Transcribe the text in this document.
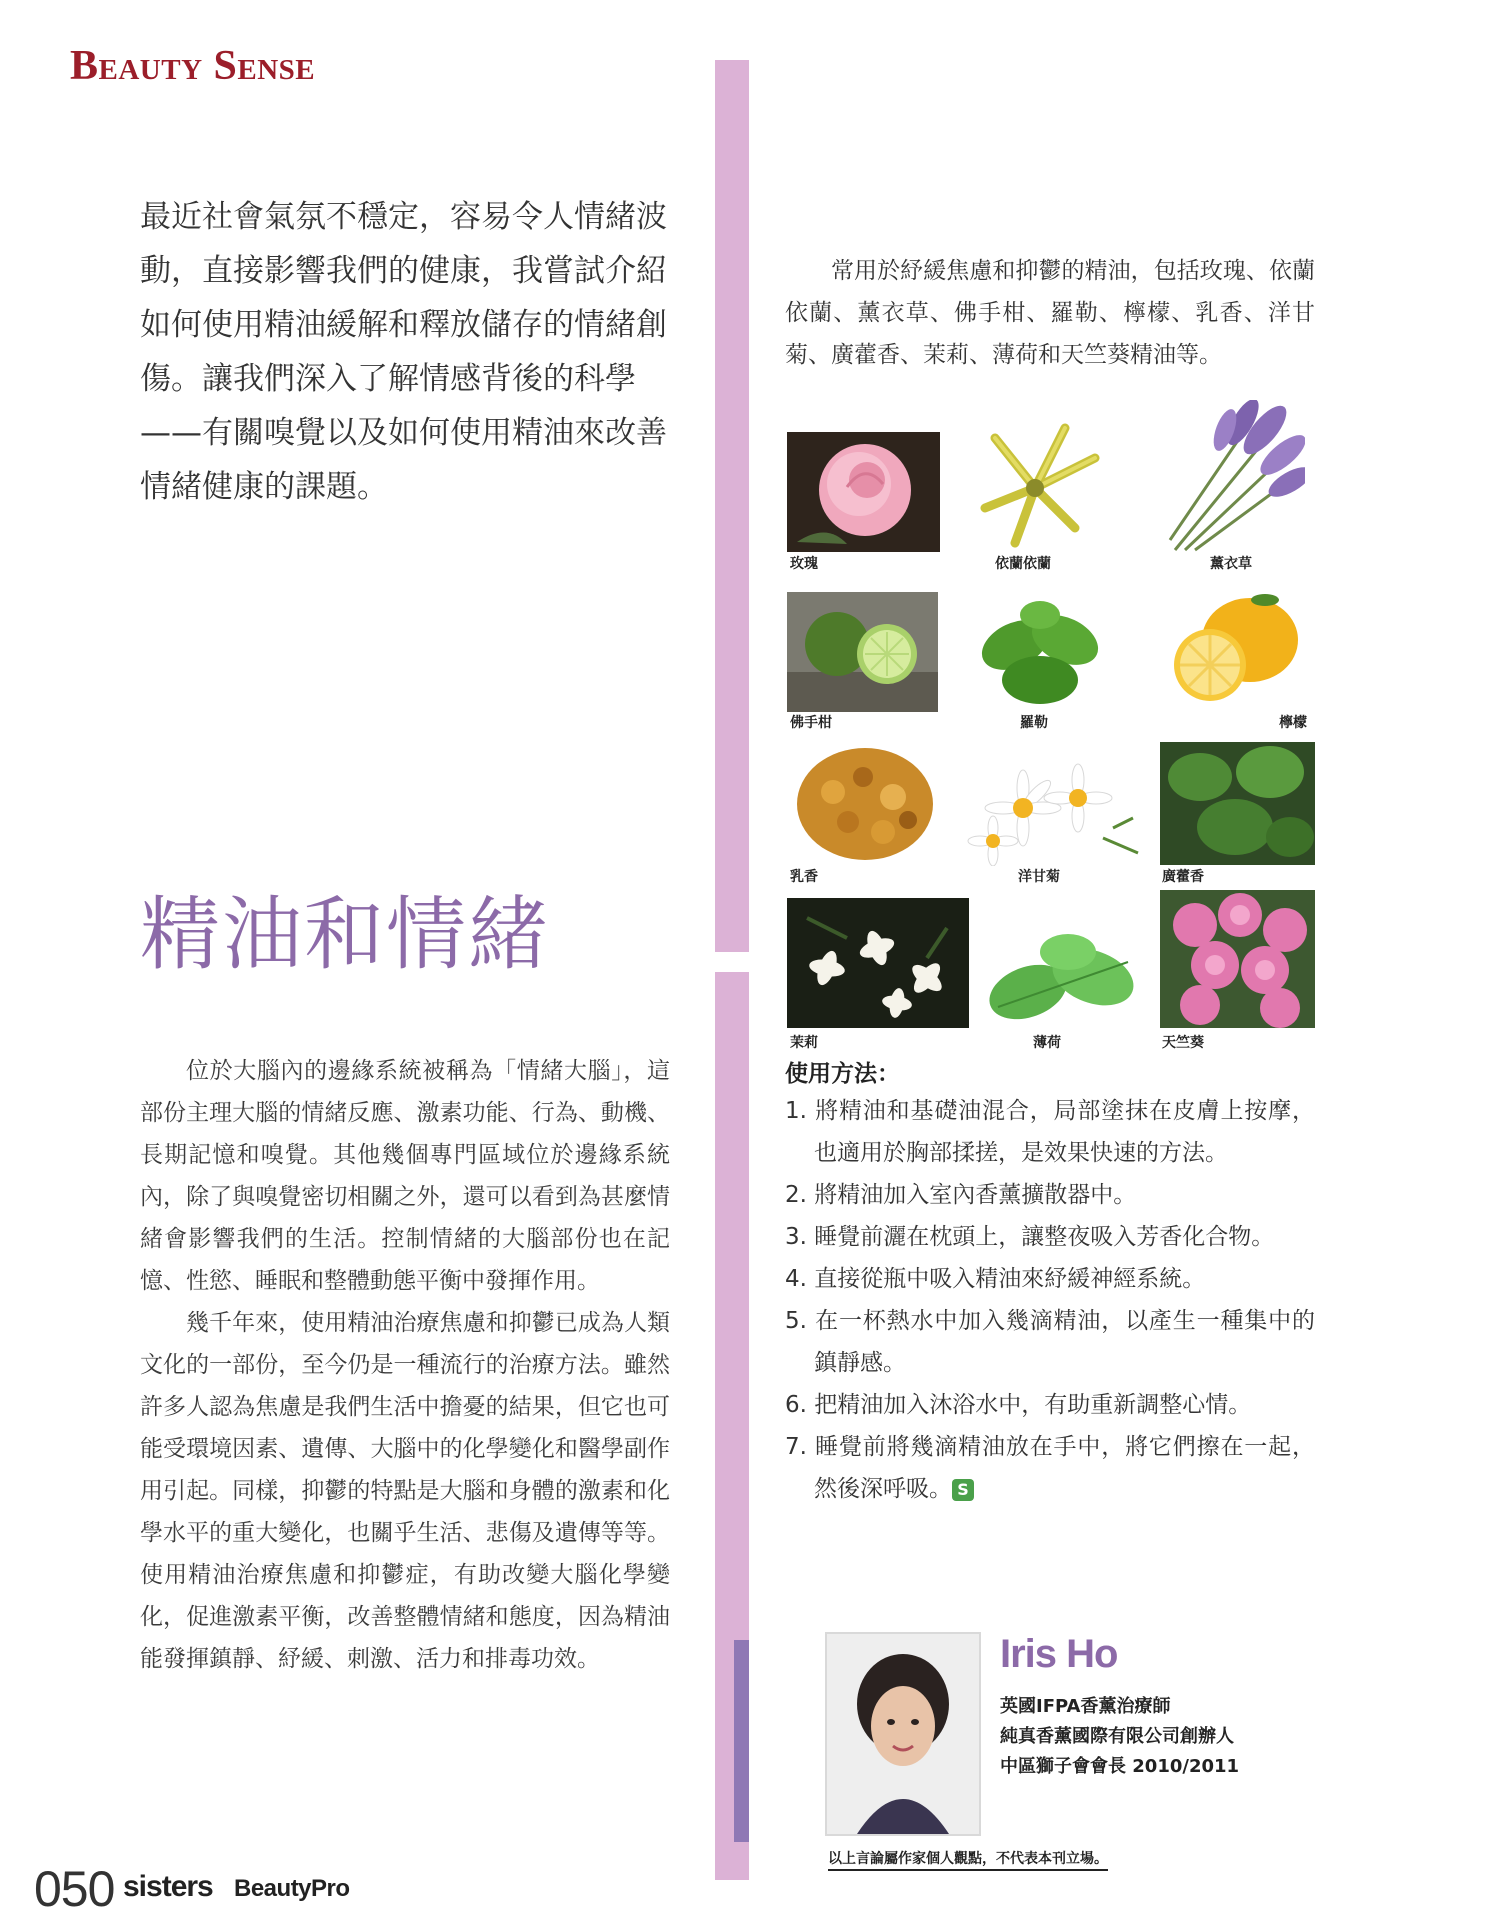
Beauty Sense

最近社會氣氛不穩定，容易令人情緒波動，直接影響我們的健康，我嘗試介紹如何使用精油緩解和釋放儲存的情緒創傷。讓我們深入了解情感背後的科學——有關嗅覺以及如何使用精油來改善情緒健康的課題。

精油和情緒

位於大腦內的邊緣系統被稱為「情緒大腦」，這部份主理大腦的情緒反應、激素功能、行為、動機、長期記憶和嗅覺。其他幾個專門區域位於邊緣系統內，除了與嗅覺密切相關之外，還可以看到為甚麼情緒會影響我們的生活。控制情緒的大腦部份也在記憶、性慾、睡眠和整體動態平衡中發揮作用。

幾千年來，使用精油治療焦慮和抑鬱已成為人類文化的一部份，至今仍是一種流行的治療方法。雖然許多人認為焦慮是我們生活中擔憂的結果，但它也可能受環境因素、遺傳、大腦中的化學變化和醫學副作用引起。同樣，抑鬱的特點是大腦和身體的激素和化學水平的重大變化，也關乎生活、悲傷及遺傳等等。使用精油治療焦慮和抑鬱症，有助改變大腦化學變化，促進激素平衡，改善整體情緒和態度，因為精油能發揮鎮靜、紓緩、刺激、活力和排毒功效。

常用於紓緩焦慮和抑鬱的精油，包括玫瑰、依蘭依蘭、薰衣草、佛手柑、羅勒、檸檬、乳香、洋甘菊、廣藿香、茉莉、薄荷和天竺葵精油等。

玫瑰	依蘭依蘭	薰衣草
佛手柑	羅勒	檸檬
乳香	洋甘菊	廣藿香
茉莉	薄荷	天竺葵
使用方法：
1. 將精油和基礎油混合，局部塗抹在皮膚上按摩，也適用於胸部揉搓，是效果快速的方法。
2. 將精油加入室內香薰擴散器中。
3. 睡覺前灑在枕頭上，讓整夜吸入芳香化合物。
4. 直接從瓶中吸入精油來紓緩神經系統。
5. 在一杯熱水中加入幾滴精油，以產生一種集中的鎮靜感。
6. 把精油加入沐浴水中，有助重新調整心情。
7. 睡覺前將幾滴精油放在手中，將它們擦在一起，然後深呼吸。 S
Iris Ho
英國IFPA香薰治療師
純真香薰國際有限公司創辦人
中區獅子會會長 2010/2011
以上言論屬作家個人觀點，不代表本刊立場。
050 sisters BeautyPro
